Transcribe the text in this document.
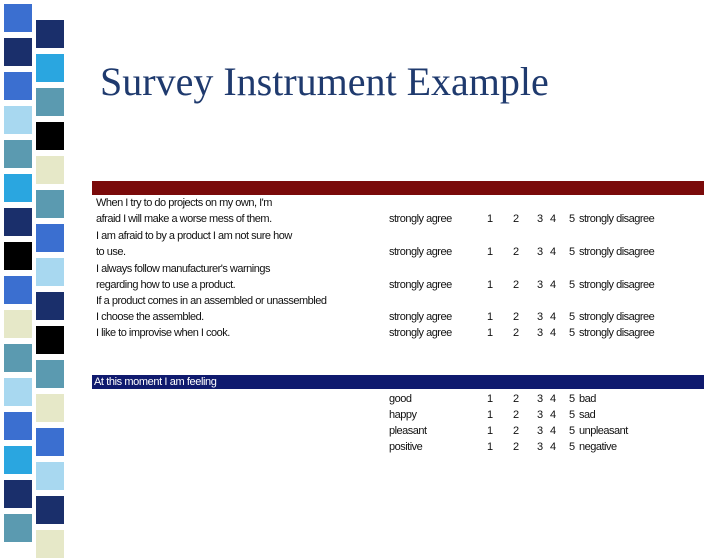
Survey Instrument Example
When I try to do projects on my own, I'm
afraid I will make a worse mess of them.	strongly agree	1 2 3 4 5 strongly disagree
I am afraid to by a product I am not sure how
to use.	strongly agree	1 2 3 4 5 strongly disagree
I always follow manufacturer's warnings
regarding how to use a product.	strongly agree	1 2 3 4 5 strongly disagree
If a product comes in an assembled or unassembled
I choose the assembled.	strongly agree	1 2 3 4 5 strongly disagree
I like to improvise when I cook.	strongly agree	1 2 3 4 5 strongly disagree
At this moment I am feeling
good	1 2 3 4 5 bad
happy	1 2 3 4 5 sad
pleasant	1 2 3 4 5 unpleasant
positive	1 2 3 4 5 negative
